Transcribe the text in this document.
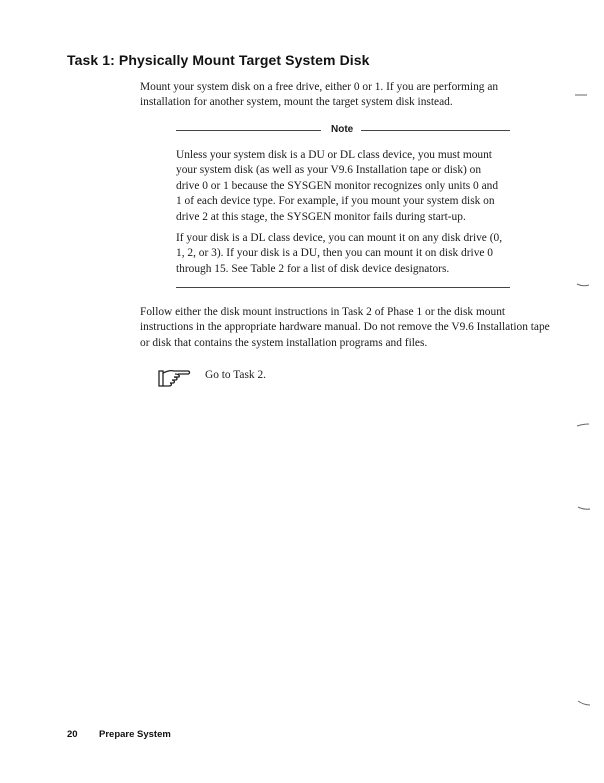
Task 1: Physically Mount Target System Disk

Mount your system disk on a free drive, either 0 or 1. If you are performing an installation for another system, mount the target system disk instead.

Note

Unless your system disk is a DU or DL class device, you must mount your system disk (as well as your V9.6 Installation tape or disk) on drive 0 or 1 because the SYSGEN monitor recognizes only units 0 and 1 of each device type. For example, if you mount your system disk on drive 2 at this stage, the SYSGEN monitor fails during start-up.

If your disk is a DL class device, you can mount it on any disk drive (0, 1, 2, or 3). If your disk is a DU, then you can mount it on disk drive 0 through 15. See Table 2 for a list of disk device designators.

Follow either the disk mount instructions in Task 2 of Phase 1 or the disk mount instructions in the appropriate hardware manual. Do not remove the V9.6 Installation tape or disk that contains the system installation programs and files.

Go to Task 2.
20 Prepare System
